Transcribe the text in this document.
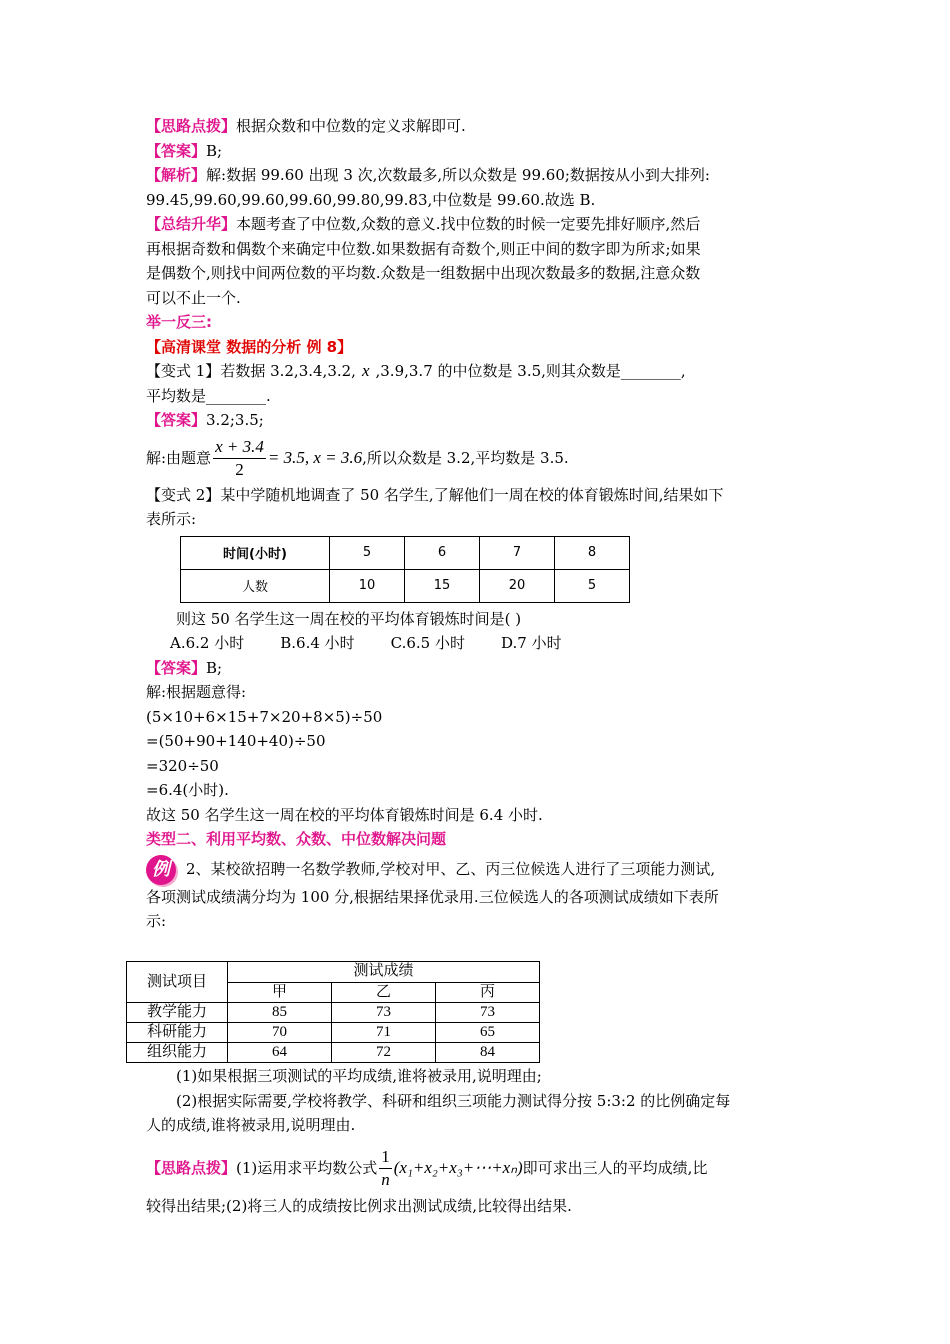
【思路点拨】根据众数和中位数的定义求解即可.
【答案】B;
【解析】解:数据 99.60 出现 3 次,次数最多,所以众数是 99.60;数据按从小到大排列:
99.45,99.60,99.60,99.60,99.80,99.83,中位数是 99.60.故选 B.
【总结升华】本题考查了中位数,众数的意义.找中位数的时候一定要先排好顺序,然后
再根据奇数和偶数个来确定中位数.如果数据有奇数个,则正中间的数字即为所求;如果
是偶数个,则找中间两位数的平均数.众数是一组数据中出现次数最多的数据,注意众数
可以不止一个.
举一反三:
【高清课堂 数据的分析 例 8】
【变式 1】若数据 3.2,3.4,3.2, x ,3.9,3.7 的中位数是 3.5,则其众数是________,
平均数是________.
【答案】3.2;3.5;
解:由题意 $\frac{x + 3.4}{2} = 3.5$, x = 3.6,所以众数是 3.2,平均数是 3.5.
【变式 2】某中学随机地调查了 50 名学生,了解他们一周在校的体育锻炼时间,结果如下
表所示:
时间(小时)	5	6	7	8
人数	10	15	20	5
则这 50 名学生这一周在校的平均体育锻炼时间是( )
A.6.2 小时 B.6.4 小时 C.6.5 小时 D.7 小时
【答案】B;
解:根据题意得:
(5×10+6×15+7×20+8×5)÷50
=(50+90+140+40)÷50
=320÷50
=6.4(小时).
故这 50 名学生这一周在校的平均体育锻炼时间是 6.4 小时.
类型二、利用平均数、众数、中位数解决问题
例 2、某校欲招聘一名数学教师,学校对甲、乙、丙三位候选人进行了三项能力测试,
各项测试成绩满分均为 100 分,根据结果择优录用.三位候选人的各项测试成绩如下表所
示:
测试项目	测试成绩		
	甲	乙	丙
教学能力	85	73	73
科研能力	70	71	65
组织能力	64	72	84
(1)如果根据三项测试的平均成绩,谁将被录用,说明理由;
(2)根据实际需要,学校将教学、科研和组织三项能力测试得分按 5:3:2 的比例确定每
人的成绩,谁将被录用,说明理由.
【思路点拨】(1)运用求平均数公式 $\frac{1}{n}$ (x₁+x₂+x₃+⋯+xₙ)即可求出三人的平均成绩,比
较得出结果;(2)将三人的成绩按比例求出测试成绩,比较得出结果.
